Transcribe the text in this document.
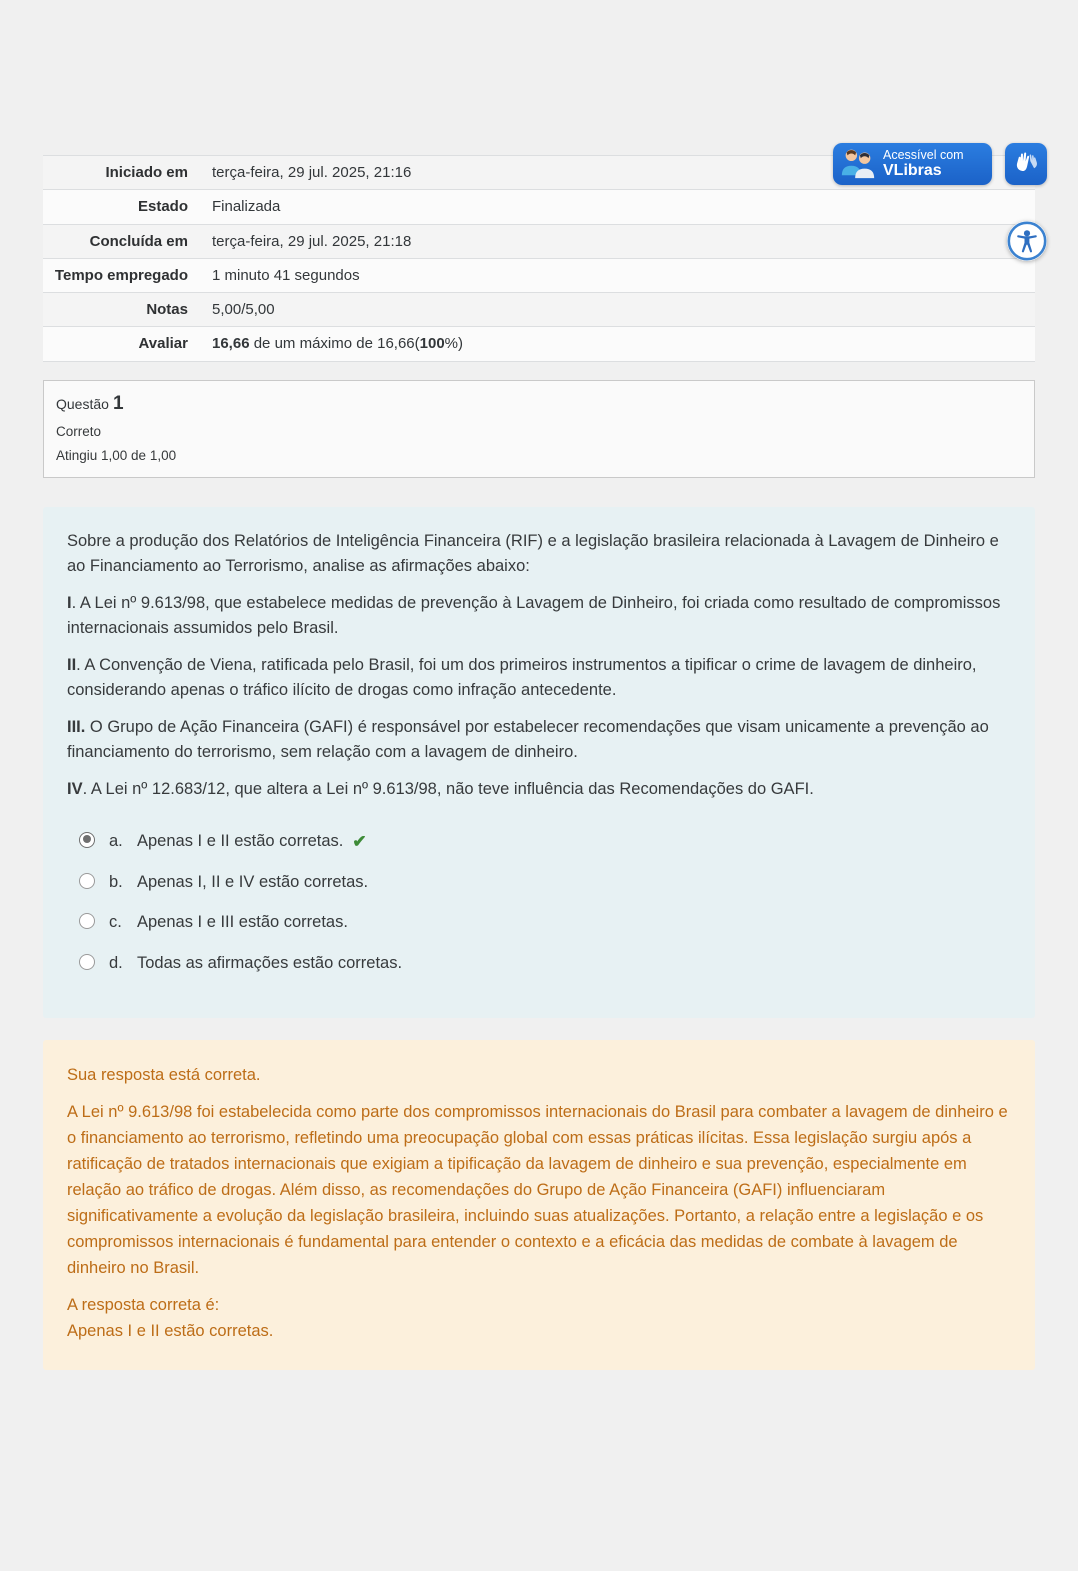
Acessível com
VLibras
Iniciado em	terça-feira, 29 jul. 2025, 21:16
Estado	Finalizada
Concluída em	terça-feira, 29 jul. 2025, 21:18
Tempo empregado	1 minuto 41 segundos
Notas	5,00/5,00
Avaliar	16,66 de um máximo de 16,66(100%)
Questão 1
Correto
Atingiu 1,00 de 1,00

Sobre a produção dos Relatórios de Inteligência Financeira (RIF) e a legislação brasileira relacionada à Lavagem de Dinheiro e ao Financiamento ao Terrorismo, analise as afirmações abaixo:

I. A Lei nº 9.613/98, que estabelece medidas de prevenção à Lavagem de Dinheiro, foi criada como resultado de compromissos internacionais assumidos pelo Brasil.

II. A Convenção de Viena, ratificada pelo Brasil, foi um dos primeiros instrumentos a tipificar o crime de lavagem de dinheiro, considerando apenas o tráfico ilícito de drogas como infração antecedente.

III. O Grupo de Ação Financeira (GAFI) é responsável por estabelecer recomendações que visam unicamente a prevenção ao financiamento do terrorismo, sem relação com a lavagem de dinheiro.

IV. A Lei nº 12.683/12, que altera a Lei nº 9.613/98, não teve influência das Recomendações do GAFI.

a. Apenas I e II estão corretas. ✔
b. Apenas I, II e IV estão corretas.
c. Apenas I e III estão corretas.
d. Todas as afirmações estão corretas.

Sua resposta está correta.

A Lei nº 9.613/98 foi estabelecida como parte dos compromissos internacionais do Brasil para combater a lavagem de dinheiro e o financiamento ao terrorismo, refletindo uma preocupação global com essas práticas ilícitas. Essa legislação surgiu após a ratificação de tratados internacionais que exigiam a tipificação da lavagem de dinheiro e sua prevenção, especialmente em relação ao tráfico de drogas. Além disso, as recomendações do Grupo de Ação Financeira (GAFI) influenciaram significativamente a evolução da legislação brasileira, incluindo suas atualizações. Portanto, a relação entre a legislação e os compromissos internacionais é fundamental para entender o contexto e a eficácia das medidas de combate à lavagem de dinheiro no Brasil.

A resposta correta é:

Apenas I e II estão corretas.
